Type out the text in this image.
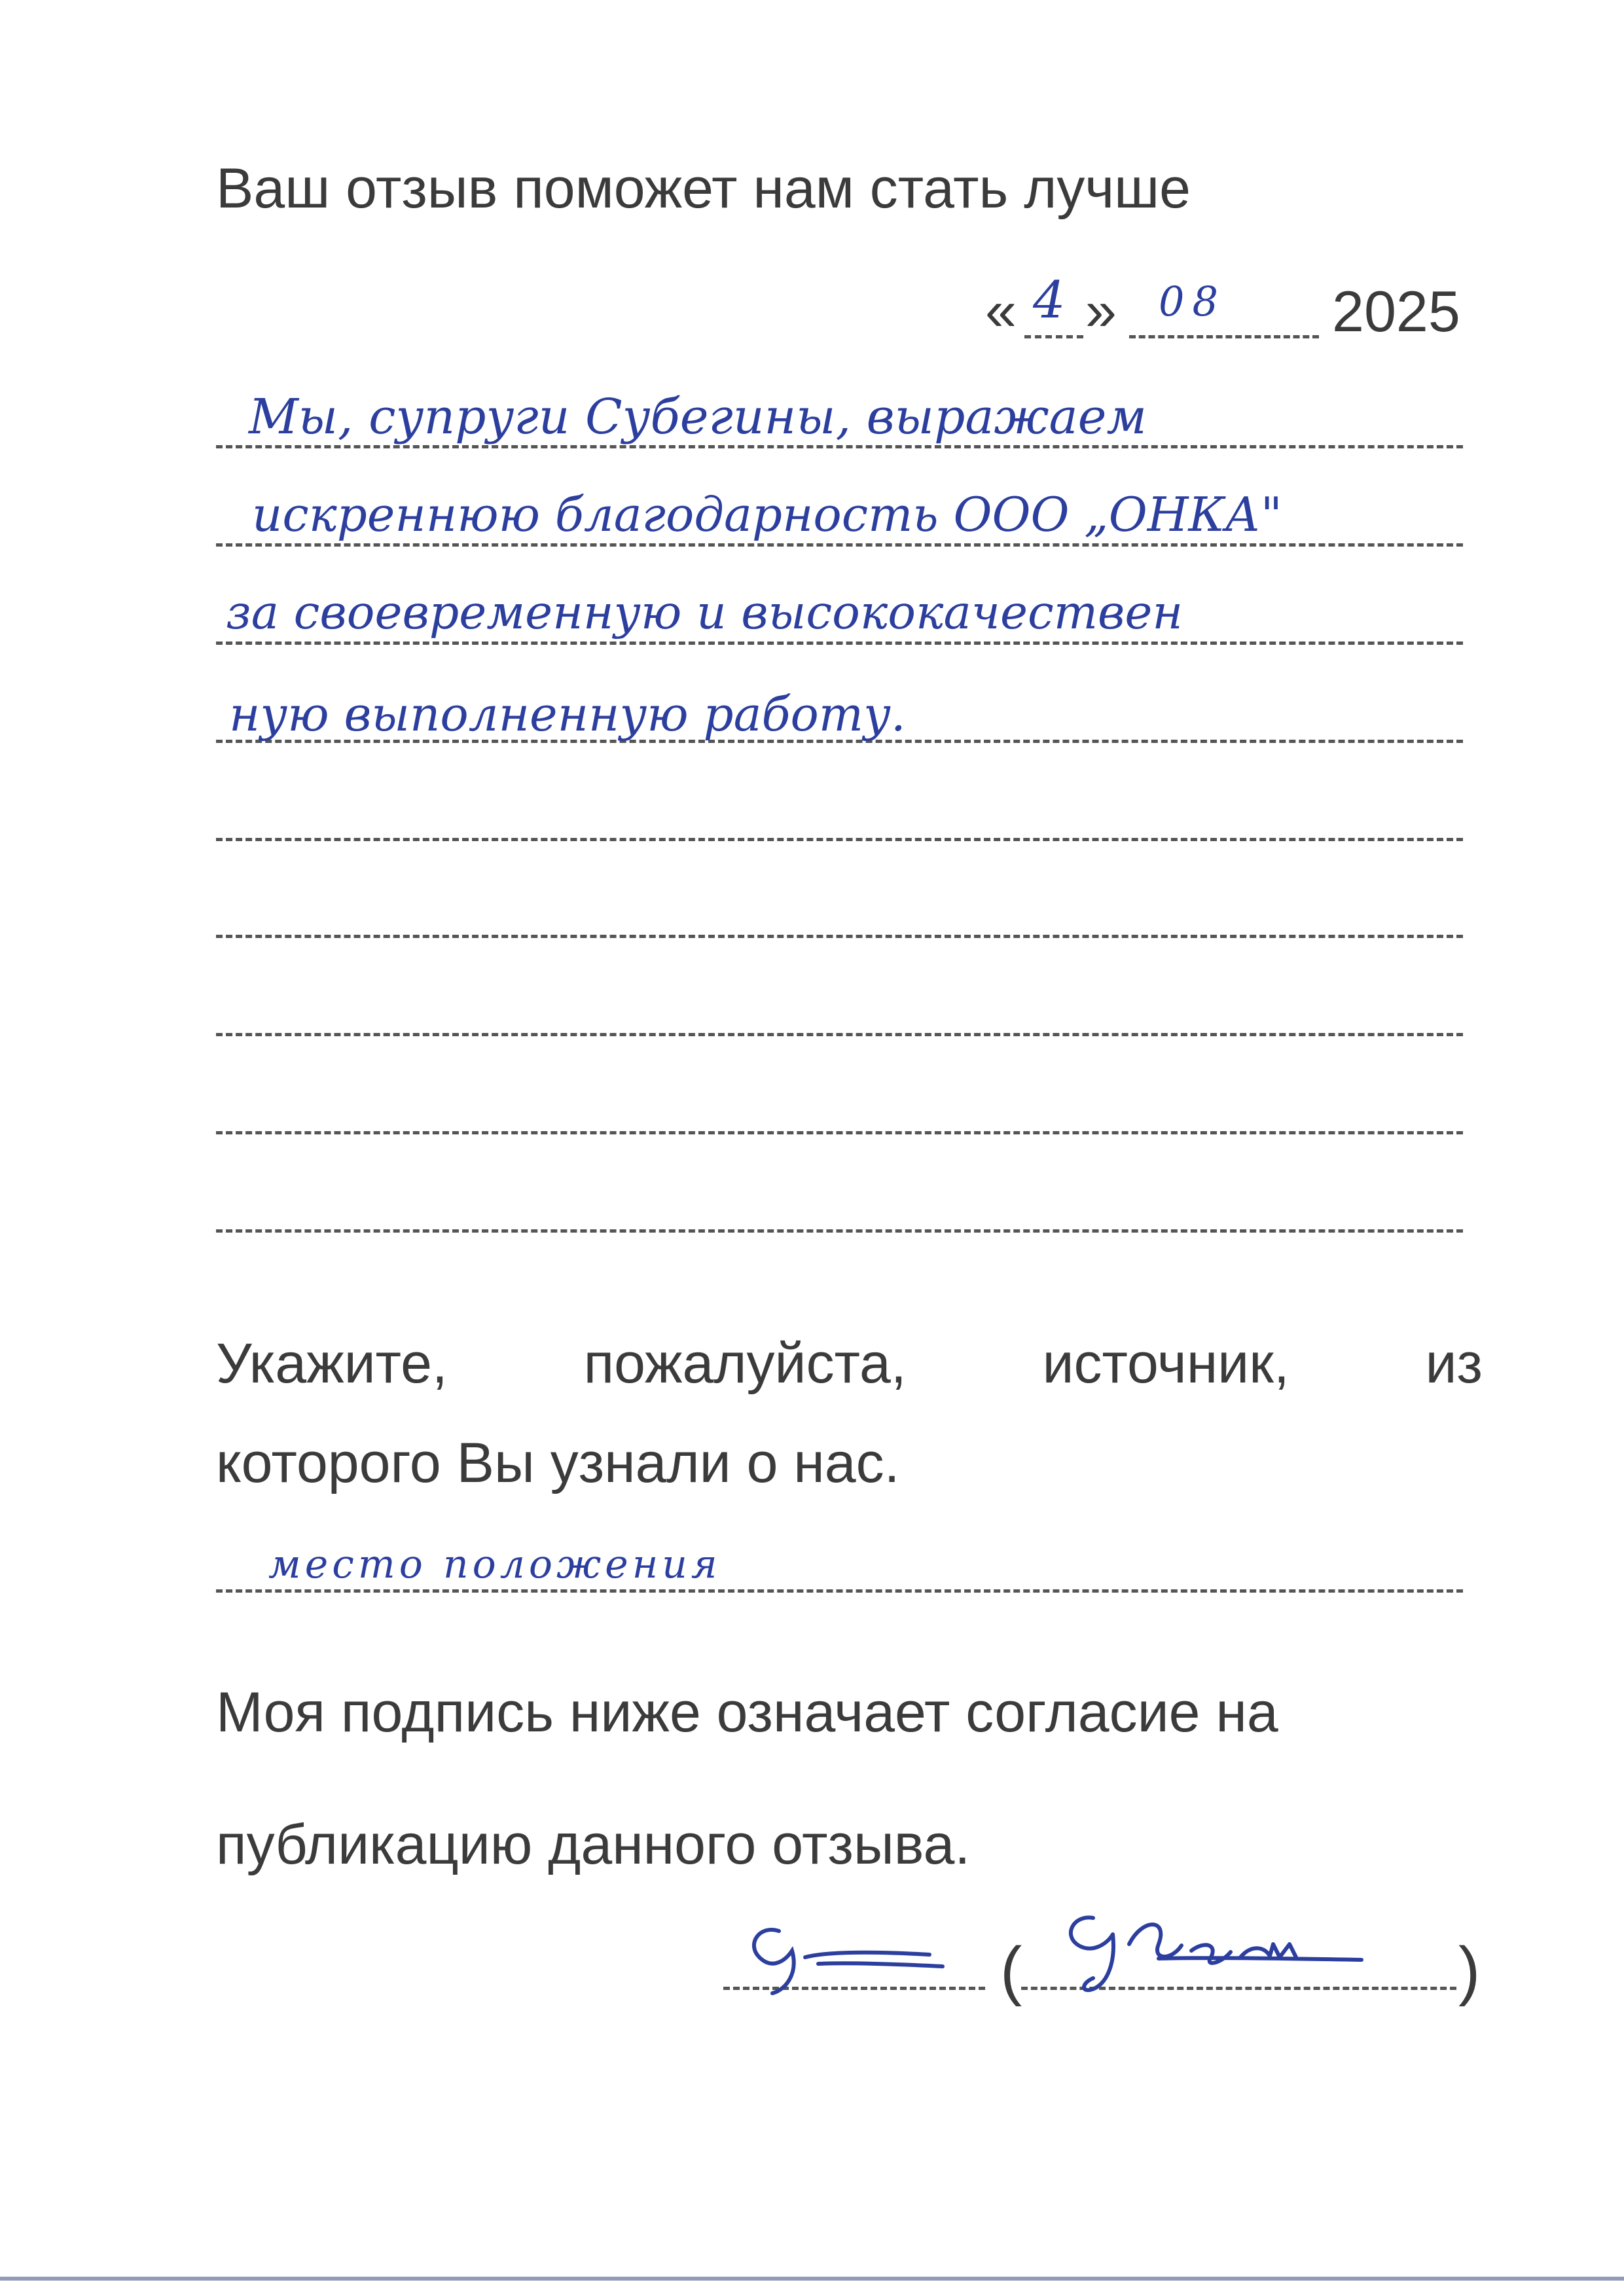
Ваш отзыв поможет нам стать лучше
« 4 » 08 2025
Мы, супруги Субегины, выражаем
искреннюю благодарность ООО „ОНКА"
за своевременную и высококачествен
ную выполненную работу.
Укажите, пожалуйста, источник, из
которого Вы узнали о нас.
место положения
Моя подпись ниже означает согласие на
публикацию данного отзыва.
(	)
